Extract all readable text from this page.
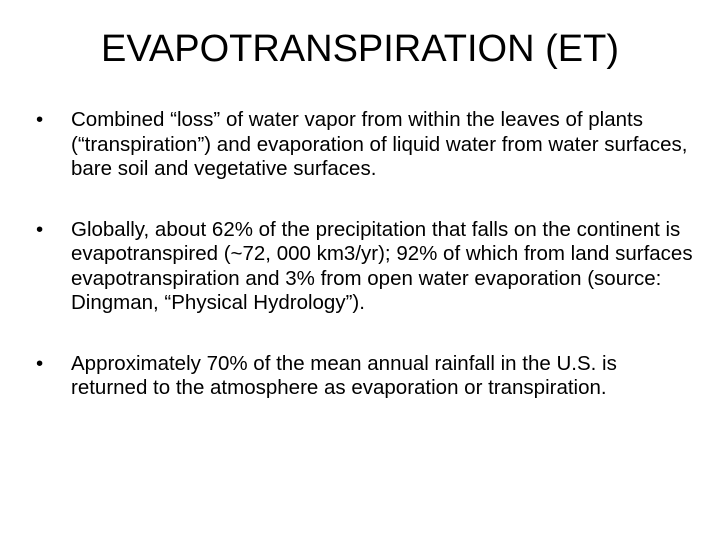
EVAPOTRANSPIRATION (ET)
•	Combined “loss” of water vapor from within the leaves of plants (“transpiration”) and evaporation of liquid water from water surfaces, bare soil and vegetative surfaces.
•	Globally, about 62% of the precipitation that falls on the continent is evapotranspired (~72, 000 km3/yr); 92% of which from land surfaces evapotranspiration and 3% from open water evaporation (source: Dingman, “Physical Hydrology”).
•	Approximately 70% of the mean annual rainfall in the U.S. is returned to the atmosphere as evaporation or transpiration.
